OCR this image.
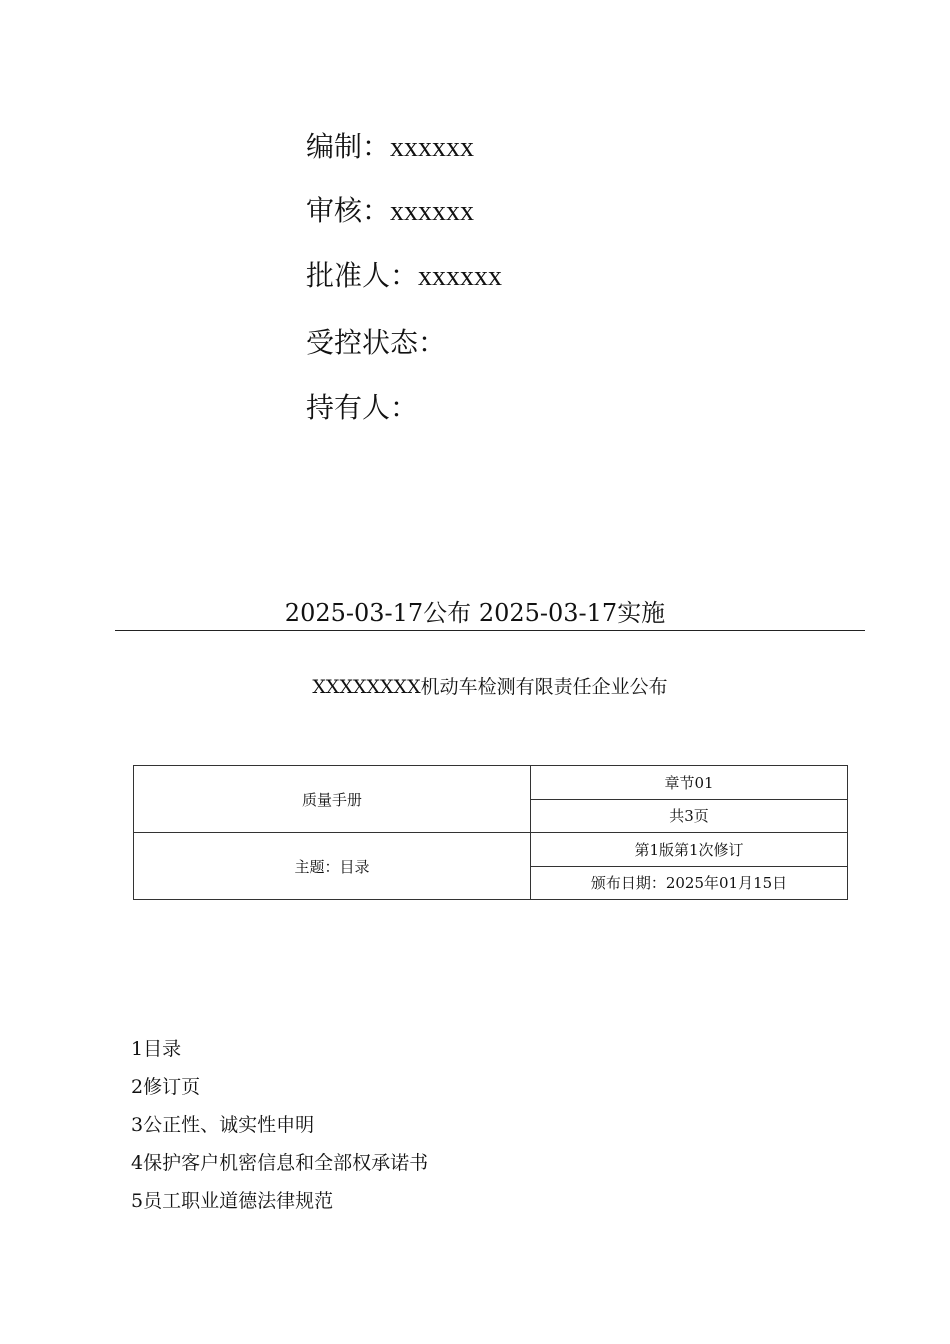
编制：xxxxxx
审核：xxxxxx
批准人：xxxxxx
受控状态：
持有人：
2025-03-17公布 2025-03-17实施
XXXXXXXX机动车检测有限责任企业公布
质量手册	章节01
	共3页
主题：目录	第1版第1次修订
	颁布日期：2025年01月15日
1目录
2修订页
3公正性、诚实性申明
4保护客户机密信息和全部权承诺书
5员工职业道德法律规范
